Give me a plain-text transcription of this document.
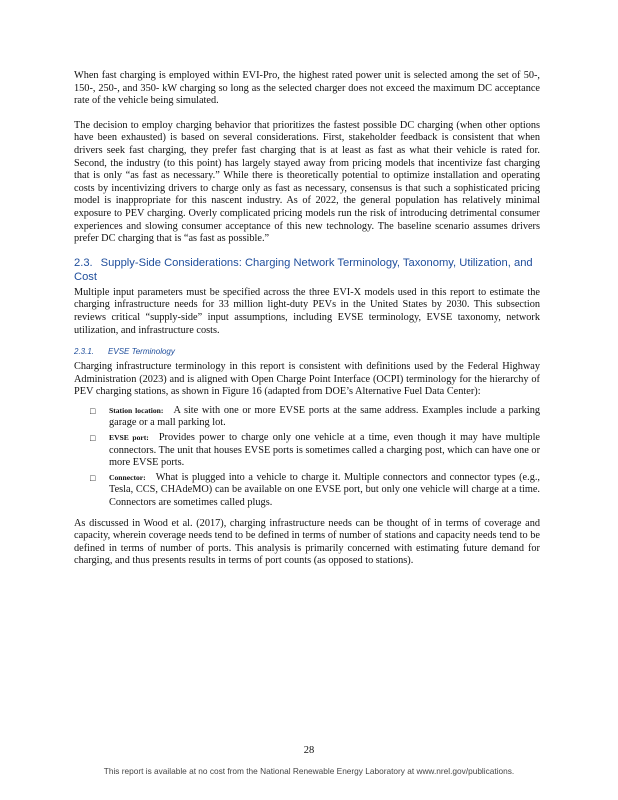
When fast charging is employed within EVI-Pro, the highest rated power unit is selected among the set of 50-, 150-, 250-, and 350- kW charging so long as the selected charger does not exceed the maximum DC acceptance rate of the vehicle being simulated.

The decision to employ charging behavior that prioritizes the fastest possible DC charging (when other options have been exhausted) is based on several considerations. First, stakeholder feedback is consistent that when drivers seek fast charging, they prefer fast charging that is at least as fast as what their vehicle is rated for. Second, the industry (to this point) has largely stayed away from pricing models that incentivize fast charging that is only “as fast as necessary.” While there is theoretically potential to optimize installation and operating costs by incentivizing drivers to charge only as fast as necessary, consensus is that such a sophisticated pricing model is inappropriate for this nascent industry. As of 2022, the general population has relatively minimal exposure to PEV charging. Overly complicated pricing models run the risk of introducing detrimental consumer experiences and slowing consumer acceptance of this new technology. The baseline scenario assumes drivers prefer DC charging that is “as fast as possible.”

2.3. Supply-Side Considerations: Charging Network Terminology, Taxonomy, Utilization, and Cost

Multiple input parameters must be specified across the three EVI-X models used in this report to estimate the charging infrastructure needs for 33 million light-duty PEVs in the United States by 2030. This subsection reviews critical “supply-side” input assumptions, including EVSE terminology, EVSE taxonomy, network utilization, and infrastructure costs.

2.3.1. EVSE Terminology

Charging infrastructure terminology in this report is consistent with definitions used by the Federal Highway Administration (2023) and is aligned with Open Charge Point Interface (OCPI) terminology for the hierarchy of PEV charging stations, as shown in Figure 16 (adapted from DOE’s Alternative Fuel Data Center):

□ Station location: A site with one or more EVSE ports at the same address. Examples include a parking garage or a mall parking lot.
□ EVSE port: Provides power to charge only one vehicle at a time, even though it may have multiple connectors. The unit that houses EVSE ports is sometimes called a charging post, which can have one or more EVSE ports.
□ Connector: What is plugged into a vehicle to charge it. Multiple connectors and connector types (e.g., Tesla, CCS, CHAdeMO) can be available on one EVSE port, but only one vehicle will charge at a time. Connectors are sometimes called plugs.

As discussed in Wood et al. (2017), charging infrastructure needs can be thought of in terms of coverage and capacity, wherein coverage needs tend to be defined in terms of number of stations and capacity needs tend to be defined in terms of number of ports. This analysis is primarily concerned with estimating future demand for charging, and thus presents results in terms of port counts (as opposed to stations).

28
This report is available at no cost from the National Renewable Energy Laboratory at www.nrel.gov/publications.
